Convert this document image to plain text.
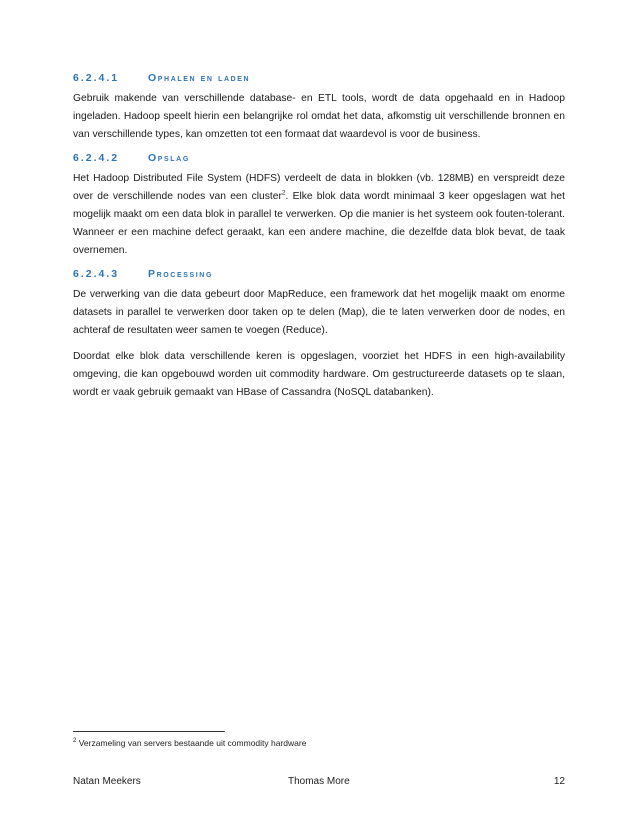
6.2.4.1	Ophalen en laden

Gebruik makende van verschillende database- en ETL tools, wordt de data opgehaald en in Hadoop ingeladen. Hadoop speelt hierin een belangrijke rol omdat het data, afkomstig uit verschillende bronnen en van verschillende types, kan omzetten tot een formaat dat waardevol is voor de business.

6.2.4.2	Opslag

Het Hadoop Distributed File System (HDFS) verdeelt de data in blokken (vb. 128MB) en verspreidt deze over de verschillende nodes van een cluster$^2$. Elke blok data wordt minimaal 3 keer opgeslagen wat het mogelijk maakt om een data blok in parallel te verwerken. Op die manier is het systeem ook fouten-tolerant. Wanneer er een machine defect geraakt, kan een andere machine, die dezelfde data blok bevat, de taak overnemen.

6.2.4.3	Processing

De verwerking van die data gebeurt door MapReduce, een framework dat het mogelijk maakt om enorme datasets in parallel te verwerken door taken op te delen (Map), die te laten verwerken door de nodes, en achteraf de resultaten weer samen te voegen (Reduce).

Doordat elke blok data verschillende keren is opgeslagen, voorziet het HDFS in een high-availability omgeving, die kan opgebouwd worden uit commodity hardware. Om gestructureerde datasets op te slaan, wordt er vaak gebruik gemaakt van HBase of Cassandra (NoSQL databanken).

$^2$ Verzameling van servers bestaande uit commodity hardware
Natan Meekers	Thomas More	12
